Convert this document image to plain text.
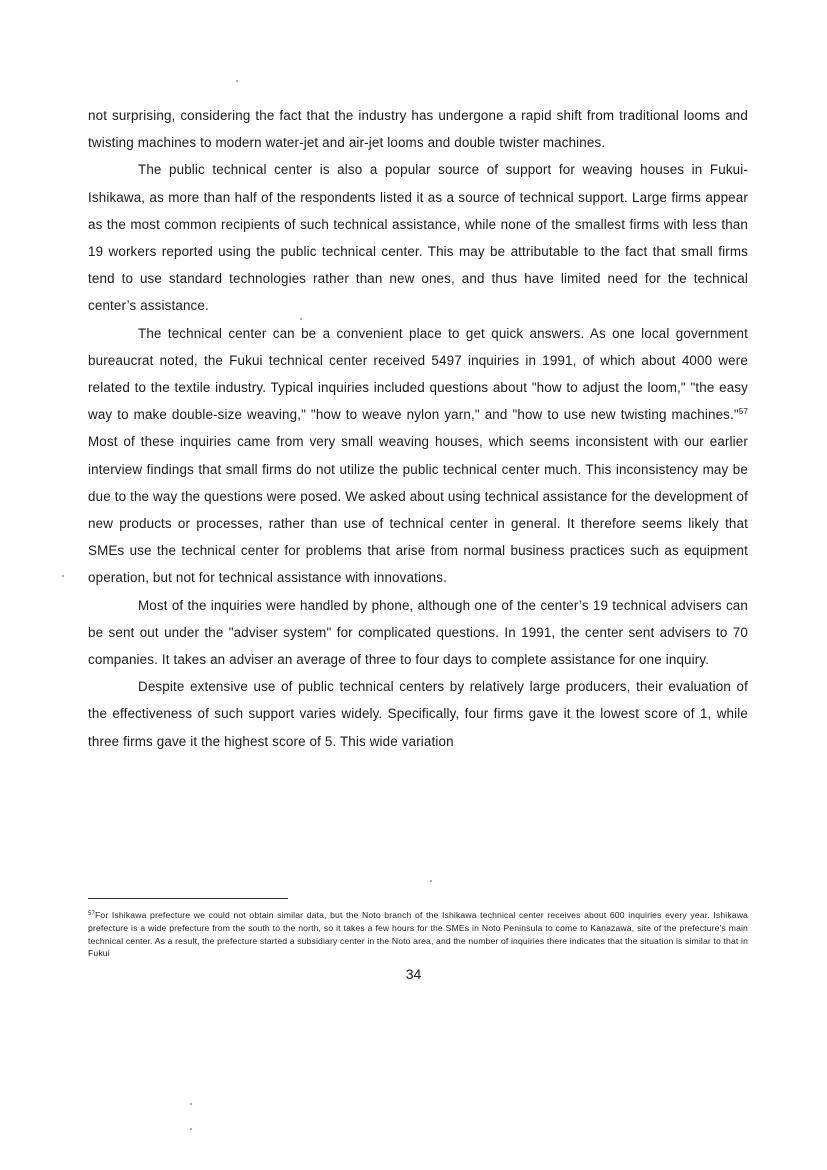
not surprising, considering the fact that the industry has undergone a rapid shift from traditional looms and twisting machines to modern water-jet and air-jet looms and double twister machines.

The public technical center is also a popular source of support for weaving houses in Fukui-Ishikawa, as more than half of the respondents listed it as a source of technical support. Large firms appear as the most common recipients of such technical assistance, while none of the smallest firms with less than 19 workers reported using the public technical center. This may be attributable to the fact that small firms tend to use standard technologies rather than new ones, and thus have limited need for the technical center’s assistance.

The technical center can be a convenient place to get quick answers. As one local government bureaucrat noted, the Fukui technical center received 5497 inquiries in 1991, of which about 4000 were related to the textile industry. Typical inquiries included questions about "how to adjust the loom," "the easy way to make double-size weaving," "how to weave nylon yarn," and "how to use new twisting machines."$^{57}$ Most of these inquiries came from very small weaving houses, which seems inconsistent with our earlier interview findings that small firms do not utilize the public technical center much. This inconsistency may be due to the way the questions were posed. We asked about using technical assistance for the development of new products or processes, rather than use of technical center in general. It therefore seems likely that SMEs use the technical center for problems that arise from normal business practices such as equipment operation, but not for technical assistance with innovations.

Most of the inquiries were handled by phone, although one of the center’s 19 technical advisers can be sent out under the "adviser system" for complicated questions. In 1991, the center sent advisers to 70 companies. It takes an adviser an average of three to four days to complete assistance for one inquiry.

Despite extensive use of public technical centers by relatively large producers, their evaluation of the effectiveness of such support varies widely. Specifically, four firms gave it the lowest score of 1, while three firms gave it the highest score of 5. This wide variation

$^{57}$For Ishikawa prefecture we could not obtain similar data, but the Noto branch of the Ishikawa technical center receives about 600 inquiries every year. Ishikawa prefecture is a wide prefecture from the south to the north, so it takes a few hours for the SMEs in Noto Peninsula to come to Kanazawa, site of the prefecture’s main technical center. As a result, the prefecture started a subsidiary center in the Noto area, and the number of inquiries there indicates that the situation is similar to that in Fukui

34
